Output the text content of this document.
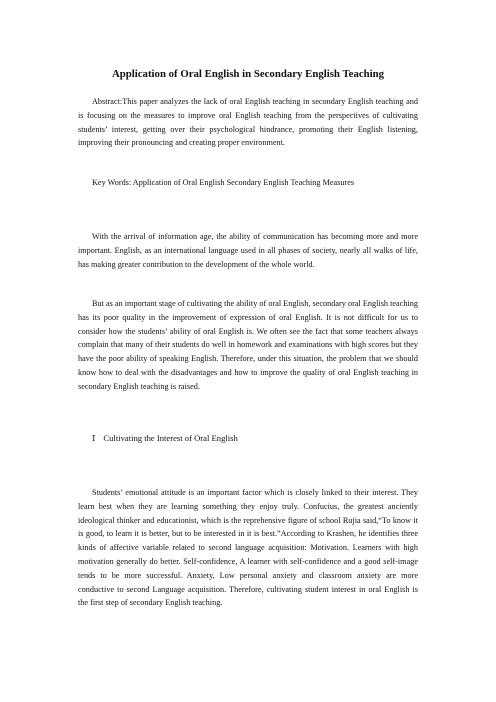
Application of Oral English in Secondary English Teaching

Abstract:This paper analyzes the lack of oral English teaching in secondary English teaching and is focusing on the measures to improve oral English teaching from the perspectives of cultivating students’ interest, getting over their psychological hindrance, promoting their English listening, improving their pronouncing and creating proper environment.

Key Words: Application of Oral English Secondary English Teaching Measures

With the arrival of information age, the ability of communication has becoming more and more important. English, as an international language used in all phases of society, nearly all walks of life, has making greater contribution to the development of the whole world.

But as an important stage of cultivating the ability of oral English, secondary oral English teaching has its poor quality in the improvement of expression of oral English. It is not difficult for us to consider how the students’ ability of oral English is. We often see the fact that some teachers always complain that many of their students do well in homework and examinations with high scores but they have the poor ability of speaking English. Therefore, under this situation, the problem that we should know how to deal with the disadvantages and how to improve the quality of oral English teaching in secondary English teaching is raised.

Ⅰ Cultivating the Interest of Oral English

Students’ emotional attitude is an important factor which is closely linked to their interest. They learn best when they are learning something they enjoy truly. Confucius, the greatest anciently ideological thinker and educationist, which is the reprehensive figure of school Rujia said,“To know it is good, to learn it is better, but to be interested in it is best.”According to Krashen, he identifies three kinds of affective variable related to second language acquisition: Motivation. Learners with high motivation generally do better. Self-confidence, A learner with self-confidence and a good self-image tends to be more successful. Anxiety, Low personal anxiety and classroom anxiety are more conductive to second Language acquisition. Therefore, cultivating student interest in oral English is the first step of secondary English teaching.
